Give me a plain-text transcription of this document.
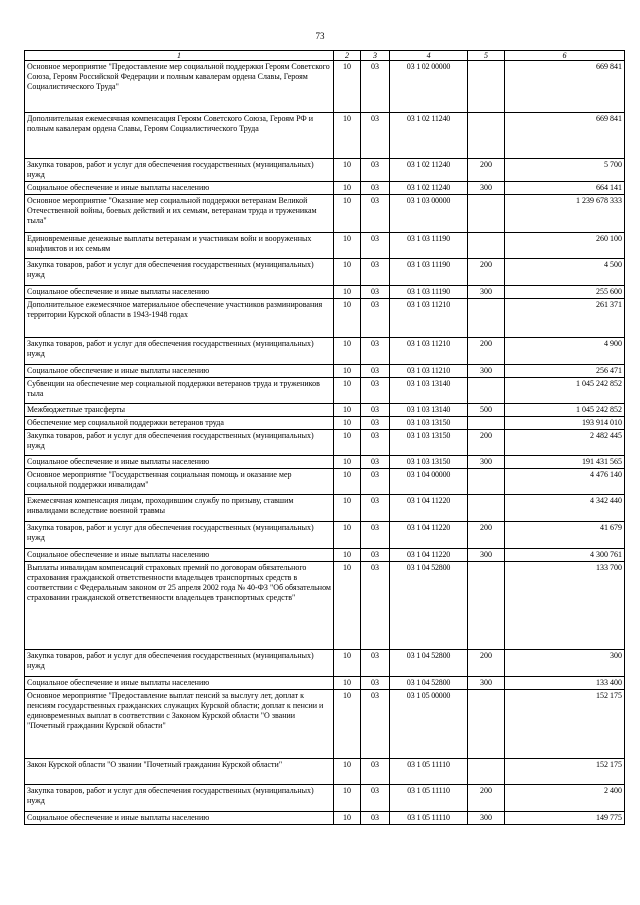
73
1	2	3	4	5	6
Основное мероприятие "Предоставление мер социальной поддержки Героям Советского Союза, Героям Российской Федерации и полным кавалерам ордена Славы, Героям Социалистического Труда"	10	03	03 1 02 00000		669 841
Дополнительная ежемесячная компенсация Героям Советского Союза, Героям РФ и полным кавалерам ордена Славы, Героям Социалистического Труда	10	03	03 1 02 11240		669 841
Закупка товаров, работ и услуг для обеспечения государственных (муниципальных) нужд	10	03	03 1 02 11240	200	5 700
Социальное обеспечение и иные выплаты населению	10	03	03 1 02 11240	300	664 141
Основное мероприятие "Оказание мер социальной поддержки ветеранам Великой Отечественной войны, боевых действий и их семьям, ветеранам труда и труженикам тыла"	10	03	03 1 03 00000		1 239 678 333
Единовременные денежные выплаты ветеранам и участникам войн и вооруженных конфликтов и их семьям	10	03	03 1 03 11190		260 100
Закупка товаров, работ и услуг для обеспечения государственных (муниципальных) нужд	10	03	03 1 03 11190	200	4 500
Социальное обеспечение и иные выплаты населению	10	03	03 1 03 11190	300	255 600
Дополнительное ежемесячное материальное обеспечение участников разминирования территории Курской области в 1943-1948 годах	10	03	03 1 03 11210		261 371
Закупка товаров, работ и услуг для обеспечения государственных (муниципальных) нужд	10	03	03 1 03 11210	200	4 900
Социальное обеспечение и иные выплаты населению	10	03	03 1 03 11210	300	256 471
Субвенции на обеспечение мер социальной поддержки ветеранов труда и тружеников тыла	10	03	03 1 03 13140		1 045 242 852
Межбюджетные трансферты	10	03	03 1 03 13140	500	1 045 242 852
Обеспечение мер социальной поддержки ветеранов труда	10	03	03 1 03 13150		193 914 010
Закупка товаров, работ и услуг для обеспечения государственных (муниципальных) нужд	10	03	03 1 03 13150	200	2 482 445
Социальное обеспечение и иные выплаты населению	10	03	03 1 03 13150	300	191 431 565
Основное мероприятие "Государственная социальная помощь и оказание мер социальной поддержки инвалидам"	10	03	03 1 04 00000		4 476 140
Ежемесячная компенсация лицам, проходившим службу по призыву, ставшим инвалидами вследствие военной травмы	10	03	03 1 04 11220		4 342 440
Закупка товаров, работ и услуг для обеспечения государственных (муниципальных) нужд	10	03	03 1 04 11220	200	41 679
Социальное обеспечение и иные выплаты населению	10	03	03 1 04 11220	300	4 300 761
Выплаты инвалидам компенсаций страховых премий по договорам обязательного страхования гражданской ответственности владельцев транспортных средств в соответствии с Федеральным законом от 25 апреля 2002 года № 40-ФЗ "Об обязательном страховании гражданской ответственности владельцев транспортных средств"	10	03	03 1 04 52800		133 700
Закупка товаров, работ и услуг для обеспечения государственных (муниципальных) нужд	10	03	03 1 04 52800	200	300
Социальное обеспечение и иные выплаты населению	10	03	03 1 04 52800	300	133 400
Основное мероприятие "Предоставление выплат пенсий за выслугу лет, доплат к пенсиям государственных гражданских служащих Курской области; доплат к пенсии и единовременных выплат в соответствии с Законом Курской области "О звании "Почетный гражданин Курской области"	10	03	03 1 05 00000		152 175
Закон Курской области "О звании "Почетный гражданин Курской области"	10	03	03 1 05 11110		152 175
Закупка товаров, работ и услуг для обеспечения государственных (муниципальных) нужд	10	03	03 1 05 11110	200	2 400
Социальное обеспечение и иные выплаты населению	10	03	03 1 05 11110	300	149 775
